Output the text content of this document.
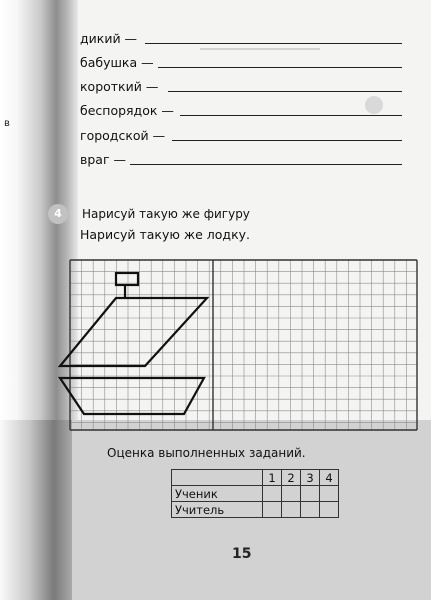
в
дикий —
бабушка —
короткий —
беспорядок —
городской —
враг —
4	Нарисуй такую же фигуру
Нарисуй такую же лодку.
Оценка выполненных заданий.
	1	2	3	4
Ученик				
Учитель				
15
